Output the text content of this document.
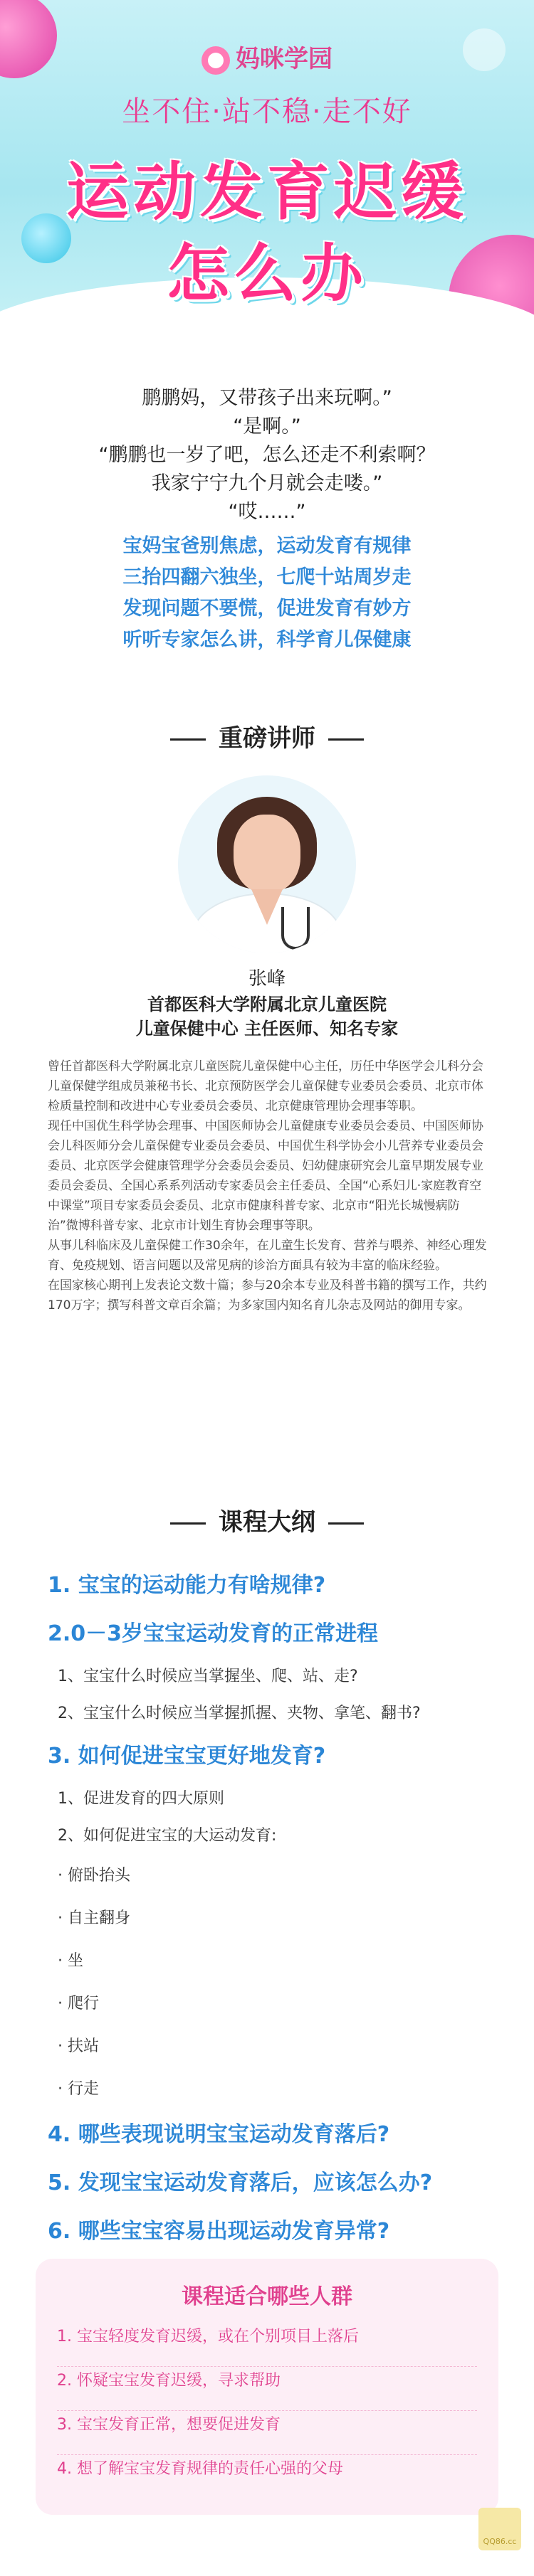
妈咪学园
坐不住·站不稳·走不好
运动发育迟缓
怎么办

鹏鹏妈，又带孩子出来玩啊。”

“是啊。”

“鹏鹏也一岁了吧，怎么还走不利索啊？

我家宁宁九个月就会走喽。”

“哎……”

宝妈宝爸别焦虑，运动发育有规律

三抬四翻六独坐，七爬十站周岁走

发现问题不要慌，促进发育有妙方

听听专家怎么讲，科学育儿保健康

重磅讲师
张峰
首都医科大学附属北京儿童医院
儿童保健中心 主任医师、知名专家

曾任首都医科大学附属北京儿童医院儿童保健中心主任，历任中华医学会儿科分会儿童保健学组成员兼秘书长、北京预防医学会儿童保健专业委员会委员、北京市体检质量控制和改进中心专业委员会委员、北京健康管理协会理事等职。

现任中国优生科学协会理事、中国医师协会儿童健康专业委员会委员、中国医师协会儿科医师分会儿童保健专业委员会委员、中国优生科学协会小儿营养专业委员会委员、北京医学会健康管理学分会委员会委员、妇幼健康研究会儿童早期发展专业委员会委员、全国心系系列活动专家委员会主任委员、全国“心系妇儿·家庭教育空中课堂”项目专家委员会委员、北京市健康科普专家、北京市“阳光长城慢病防治”微博科普专家、北京市计划生育协会理事等职。

从事儿科临床及儿童保健工作30余年，在儿童生长发育、营养与喂养、神经心理发育、免疫规划、语言问题以及常见病的诊治方面具有较为丰富的临床经验。

在国家核心期刊上发表论文数十篇；参与20余本专业及科普书籍的撰写工作，共约170万字；撰写科普文章百余篇；为多家国内知名育儿杂志及网站的御用专家。

课程大纲
1. 宝宝的运动能力有啥规律?
2.0－3岁宝宝运动发育的正常进程
1、宝宝什么时候应当掌握坐、爬、站、走?
2、宝宝什么时候应当掌握抓握、夹物、拿笔、翻书?
3. 如何促进宝宝更好地发育?
1、促进发育的四大原则
2、如何促进宝宝的大运动发育:
· 俯卧抬头
· 自主翻身
· 坐
· 爬行
· 扶站
· 行走
4. 哪些表现说明宝宝运动发育落后?
5. 发现宝宝运动发育落后，应该怎么办?
6. 哪些宝宝容易出现运动发育异常?
课程适合哪些人群
1. 宝宝轻度发育迟缓，或在个别项目上落后
2. 怀疑宝宝发育迟缓，寻求帮助
3. 宝宝发育正常，想要促进发育
4. 想了解宝宝发育规律的责任心强的父母
QQ86.cc
